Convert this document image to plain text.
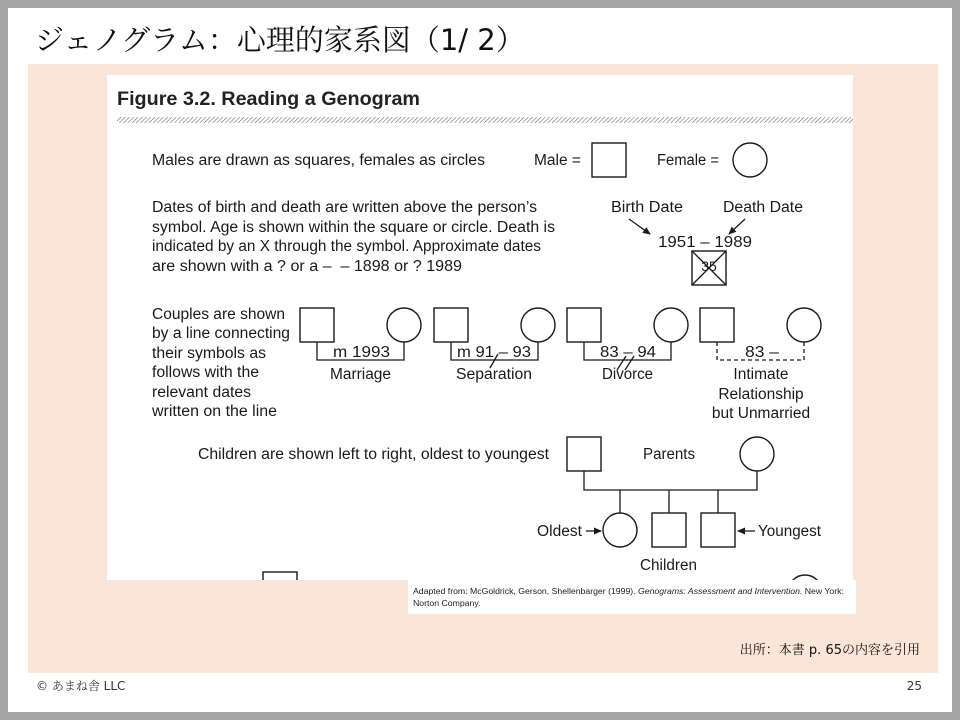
ジェノグラム：心理的家系図（1/ 2）
Figure 3.2. Reading a Genogram
Males are drawn as squares, females as circles	Male =	Female =
Dates of birth and death are written above the person’s
symbol. Age is shown within the square or circle. Death is
indicated by an X through the symbol. Approximate dates
are shown with a ? or a –  – 1898 or ? 1989
Birth Date	Death Date
1951 – 1989
35
Couples are shown
by a line connecting
their symbols as
follows with the
relevant dates
written on the line
m 1993
Marriage
m 91 – 93
Separation
83 – 94
Divorce
83 –
Intimate
Relationship
but Unmarried
Children are shown left to right, oldest to youngest	Parents
Oldest	Youngest
Children
Adapted from: McGoldrick, Gerson, Shellenbarger (1999). Genograms: Assessment and Intervention. New York: Norton Company.
出所：本書 p. 65の内容を引用
© あまね舎 LLC	25
